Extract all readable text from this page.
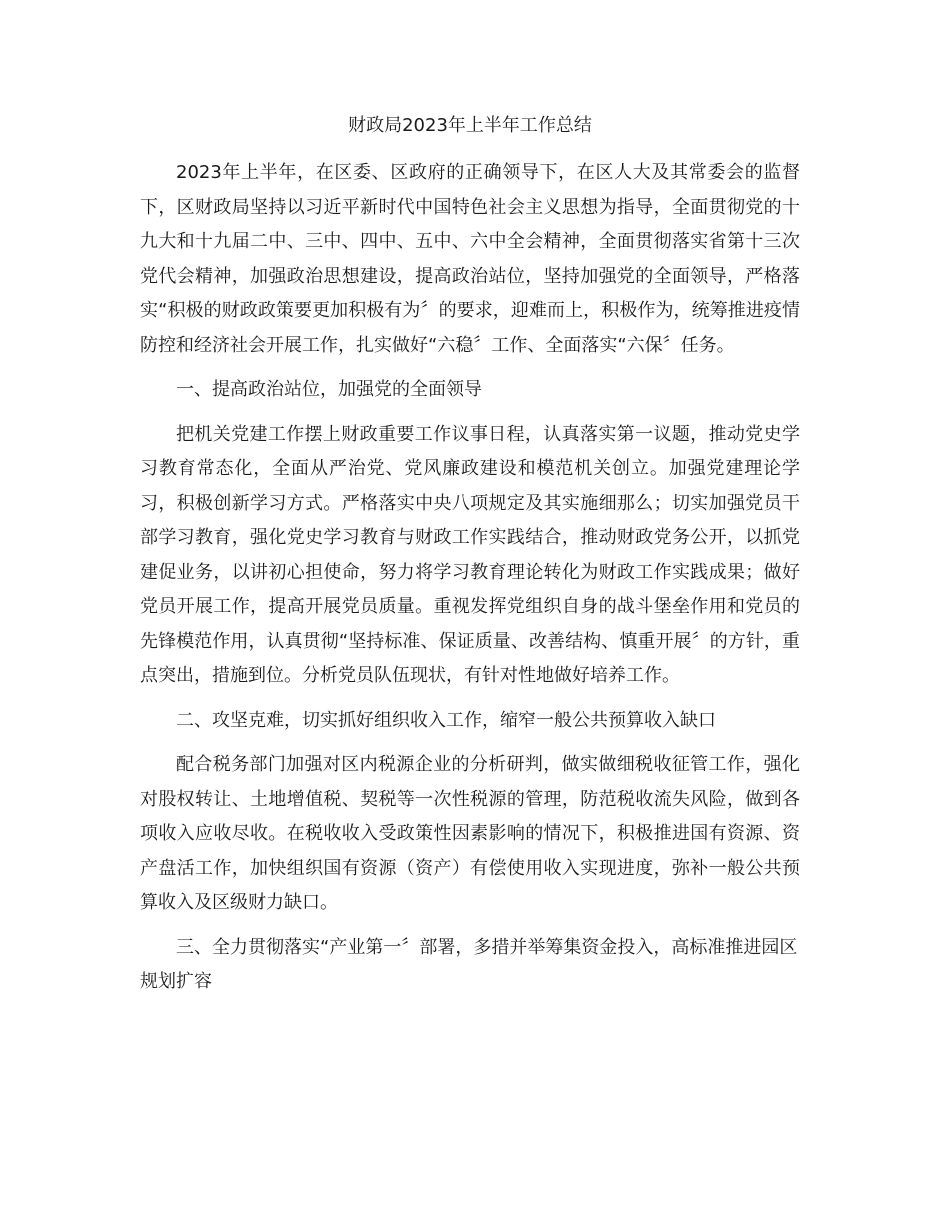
财政局2023年上半年工作总结

2023年上半年，在区委、区政府的正确领导下，在区人大及其常委会的监督下，区财政局坚持以习近平新时代中国特色社会主义思想为指导，全面贯彻党的十九大和十九届二中、三中、四中、五中、六中全会精神，全面贯彻落实省第十三次党代会精神，加强政治思想建设，提高政治站位，坚持加强党的全面领导，严格落实“积极的财政政策要更加积极有为〞的要求，迎难而上，积极作为，统筹推进疫情防控和经济社会开展工作，扎实做好“六稳〞工作、全面落实“六保〞任务。

一、提高政治站位，加强党的全面领导

把机关党建工作摆上财政重要工作议事日程，认真落实第一议题，推动党史学习教育常态化，全面从严治党、党风廉政建设和模范机关创立。加强党建理论学习，积极创新学习方式。严格落实中央八项规定及其实施细那么；切实加强党员干部学习教育，强化党史学习教育与财政工作实践结合，推动财政党务公开，以抓党建促业务，以讲初心担使命，努力将学习教育理论转化为财政工作实践成果；做好党员开展工作，提高开展党员质量。重视发挥党组织自身的战斗堡垒作用和党员的先锋模范作用，认真贯彻“坚持标准、保证质量、改善结构、慎重开展〞的方针，重点突出，措施到位。分析党员队伍现状，有针对性地做好培养工作。

二、攻坚克难，切实抓好组织收入工作，缩窄一般公共预算收入缺口

配合税务部门加强对区内税源企业的分析研判，做实做细税收征管工作，强化对股权转让、土地增值税、契税等一次性税源的管理，防范税收流失风险，做到各项收入应收尽收。在税收收入受政策性因素影响的情况下，积极推进国有资源、资产盘活工作，加快组织国有资源（资产）有偿使用收入实现进度，弥补一般公共预算收入及区级财力缺口。

三、全力贯彻落实“产业第一〞部署，多措并举筹集资金投入，高标准推进园区规划扩容
